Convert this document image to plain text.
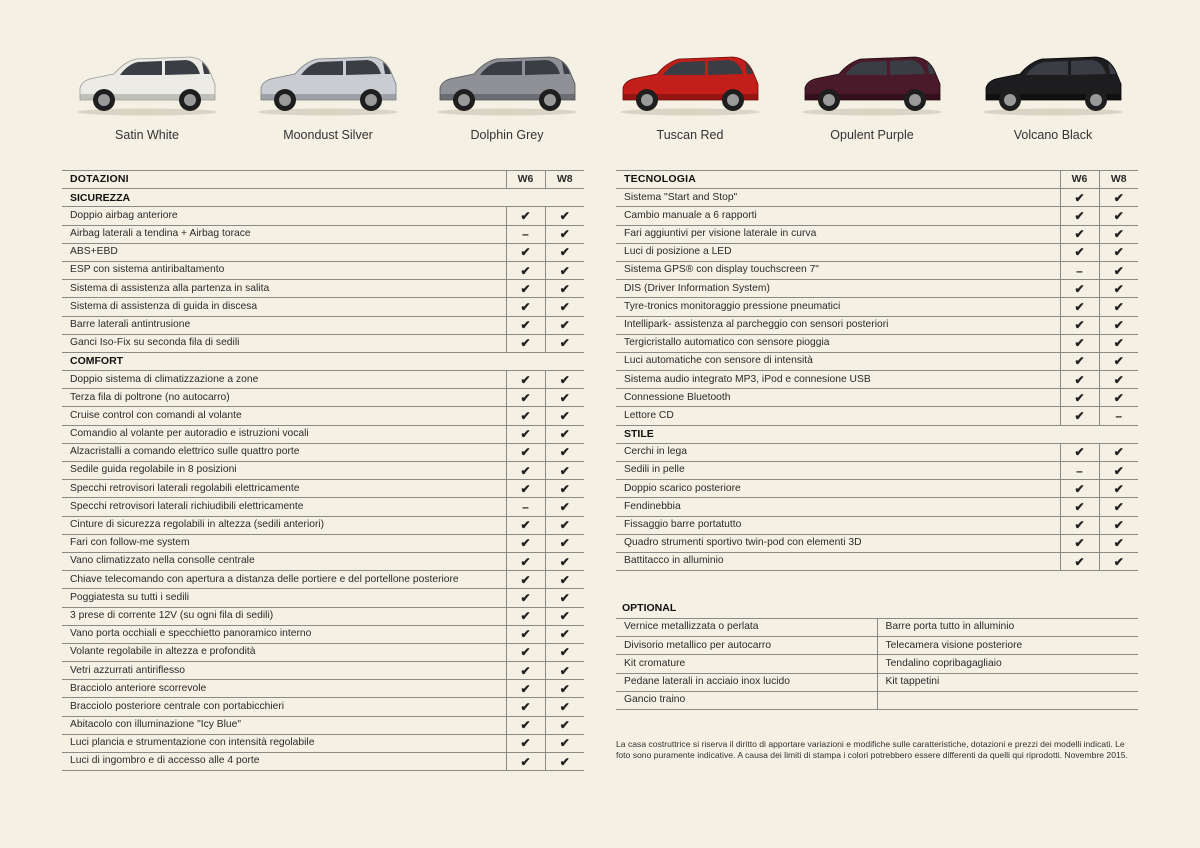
Satin White	Moondust Silver	Dolphin Grey	Tuscan Red	Opulent Purple	Volcano Black
DOTAZIONI	W6	W8
SICUREZZA		
Doppio airbag anteriore	✔	✔
Airbag laterali a tendina + Airbag torace	–	✔
ABS+EBD	✔	✔
ESP con sistema antiribaltamento	✔	✔
Sistema di assistenza alla partenza in salita	✔	✔
Sistema di assistenza di guida in discesa	✔	✔
Barre laterali antintrusione	✔	✔
Ganci Iso-Fix su seconda fila di sedili	✔	✔
COMFORT		
Doppio sistema di climatizzazione a zone	✔	✔
Terza fila di poltrone (no autocarro)	✔	✔
Cruise control con comandi al volante	✔	✔
Comandio al volante per autoradio e istruzioni vocali	✔	✔
Alzacristalli a comando elettrico sulle quattro porte	✔	✔
Sedile guida regolabile in 8 posizioni	✔	✔
Specchi retrovisori laterali regolabili elettricamente	✔	✔
Specchi retrovisori laterali richiudibili elettricamente	–	✔
Cinture di sicurezza regolabili in altezza (sedili anteriori)	✔	✔
Fari con follow-me system	✔	✔
Vano climatizzato nella consolle centrale	✔	✔
Chiave telecomando con apertura a distanza delle portiere e del portellone posteriore	✔	✔
Poggiatesta su tutti i sedili	✔	✔
3 prese di corrente 12V (su ogni fila di sedili)	✔	✔
Vano porta occhiali e specchietto panoramico interno	✔	✔
Volante regolabile in altezza e profondità	✔	✔
Vetri azzurrati antiriflesso	✔	✔
Bracciolo anteriore scorrevole	✔	✔
Bracciolo posteriore centrale con portabicchieri	✔	✔
Abitacolo con illuminazione "Icy Blue"	✔	✔
Luci plancia e strumentazione con intensità regolabile	✔	✔
Luci di ingombro e di accesso alle 4 porte	✔	✔
TECNOLOGIA	W6	W8
Sistema "Start and Stop"	✔	✔
Cambio manuale a 6 rapporti	✔	✔
Fari aggiuntivi per visione laterale in curva	✔	✔
Luci di posizione a LED	✔	✔
Sistema GPS® con display touchscreen 7"	–	✔
DIS (Driver Information System)	✔	✔
Tyre-tronics monitoraggio pressione pneumatici	✔	✔
Intellipark- assistenza al parcheggio con sensori posteriori	✔	✔
Tergicristallo automatico con sensore pioggia	✔	✔
Luci automatiche con sensore di intensità	✔	✔
Sistema audio integrato MP3, iPod e connesione USB	✔	✔
Connessione Bluetooth	✔	✔
Lettore CD	✔	–
STILE		
Cerchi in lega	✔	✔
Sedili in pelle	–	✔
Doppio scarico posteriore	✔	✔
Fendinebbia	✔	✔
Fissaggio barre portatutto	✔	✔
Quadro strumenti sportivo twin-pod con elementi 3D	✔	✔
Battitacco in alluminio	✔	✔
OPTIONAL
Vernice metallizzata o perlata	Barre porta tutto in alluminio
Divisorio metallico per autocarro	Telecamera visione posteriore
Kit cromature	Tendalino copribagagliaio
Pedane laterali in acciaio inox lucido	Kit tappetini
Gancio traino	
La casa costruttrice si riserva il diritto di apportare variazioni e modifiche sulle caratteristiche, dotazioni e prezzi dei modelli indicati. Le foto sono puramente indicative. A causa dei limiti di stampa i colori potrebbero essere differenti da quelli qui riprodotti. Novembre 2015.
